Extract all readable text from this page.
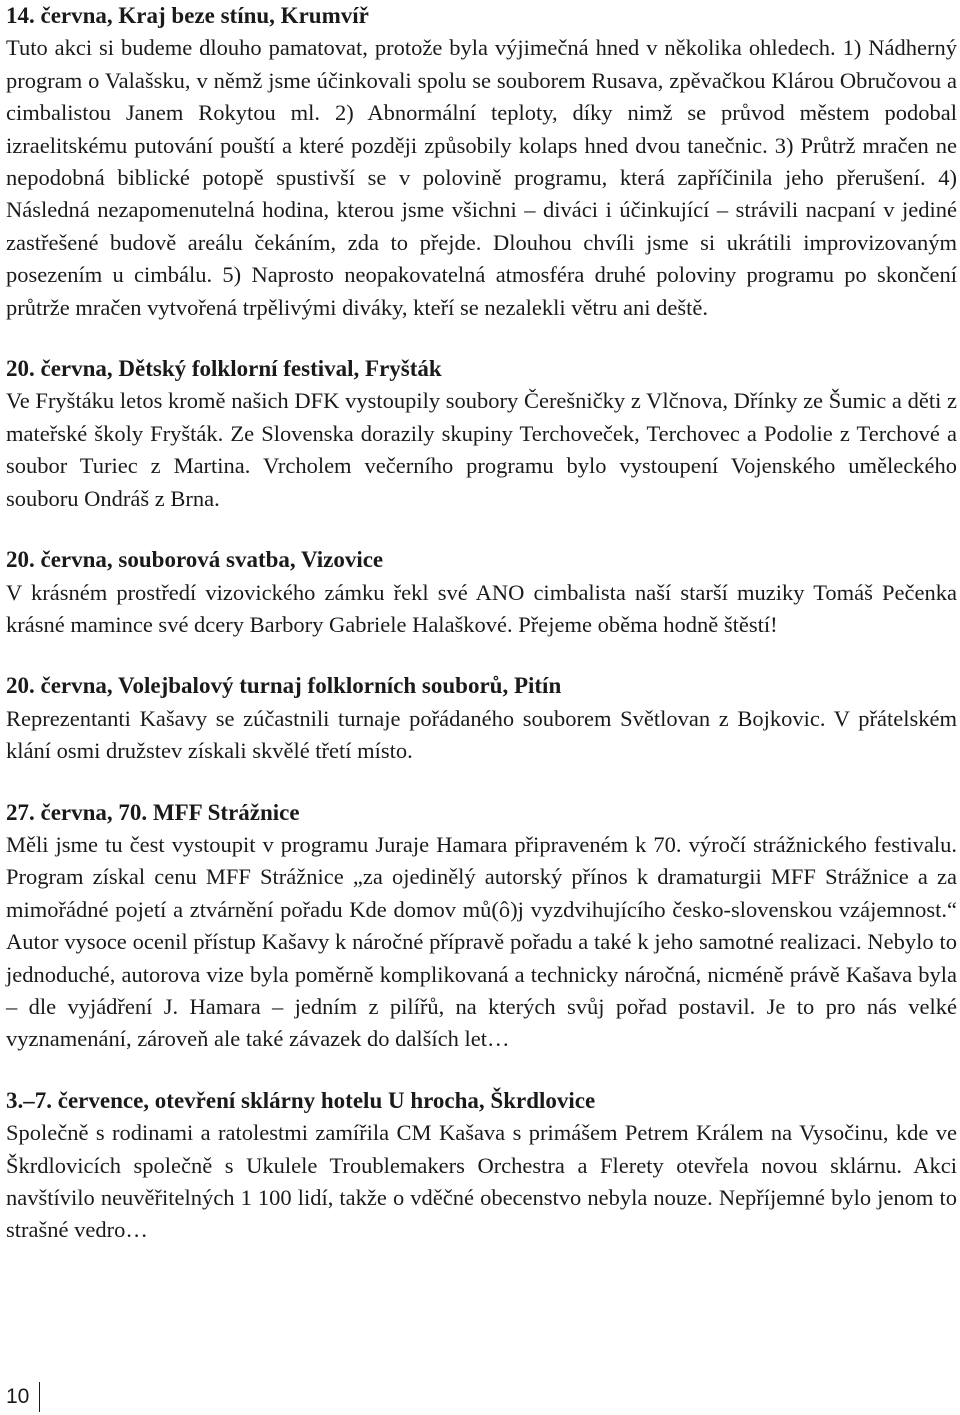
14. června, Kraj beze stínu, Krumvíř

Tuto akci si budeme dlouho pamatovat, protože byla výjimečná hned v několika ohledech. 1) Nádherný program o Valašsku, v němž jsme účinkovali spolu se souborem Rusava, zpěvačkou Klárou Obručovou a cimbalistou Janem Rokytou ml. 2) Abnormální teploty, díky nimž se průvod městem podobal izraelitskému putování pouští a které později způsobily kolaps hned dvou tanečnic. 3) Průtrž mračen ne nepodobná biblické potopě spustivší se v polovině programu, která zapříčinila jeho přerušení. 4) Následná nezapomenutelná hodina, kterou jsme všichni – diváci i účinkující – strávili nacpaní v jediné zastřešené budově areálu čekáním, zda to přejde. Dlouhou chvíli jsme si ukrátili improvizovaným posezením u cimbálu. 5) Naprosto neopakovatelná atmosféra druhé poloviny programu po skončení průtrže mračen vytvořená trpělivými diváky, kteří se nezalekli větru ani deště.

20. června, Dětský folklorní festival, Fryšták

Ve Fryštáku letos kromě našich DFK vystoupily soubory Čerešničky z Vlčnova, Dřínky ze Šumic a děti z mateřské školy Fryšták. Ze Slovenska dorazily skupiny Terchoveček, Terchovec a Podolie z Terchové a soubor Turiec z Martina. Vrcholem večerního programu bylo vystoupení Vojenského uměleckého souboru Ondráš z Brna.

20. června, souborová svatba, Vizovice

V krásném prostředí vizovického zámku řekl své ANO cimbalista naší starší muziky Tomáš Pečenka krásné mamince své dcery Barbory Gabriele Halaškové. Přejeme oběma hodně štěstí!

20. června, Volejbalový turnaj folklorních souborů, Pitín

Reprezentanti Kašavy se zúčastnili turnaje pořádaného souborem Světlovan z Bojkovic. V přátelském klání osmi družstev získali skvělé třetí místo.

27. června, 70. MFF Strážnice

Měli jsme tu čest vystoupit v programu Juraje Hamara připraveném k 70. výročí strážnického festivalu. Program získal cenu MFF Strážnice „za ojedinělý autorský přínos k dramaturgii MFF Strážnice a za mimořádné pojetí a ztvárnění pořadu Kde domov mů(ô)j vyzdvihujícího česko-slovenskou vzájemnost.“ Autor vysoce ocenil přístup Kašavy k náročné přípravě pořadu a také k jeho samotné realizaci. Nebylo to jednoduché, autorova vize byla poměrně komplikovaná a technicky náročná, nicméně právě Kašava byla – dle vyjádření J. Hamara – jedním z pilířů, na kterých svůj pořad postavil. Je to pro nás velké vyznamenání, zároveň ale také závazek do dalších let…

3.–7. července, otevření sklárny hotelu U hrocha, Škrdlovice

Společně s rodinami a ratolestmi zamířila CM Kašava s primášem Petrem Králem na Vysočinu, kde ve Škrdlovicích společně s Ukulele Troublemakers Orchestra a Flerety otevřela novou sklárnu. Akci navštívilo neuvěřitelných 1 100 lidí, takže o vděčné obecenstvo nebyla nouze. Nepříjemné bylo jenom to strašné vedro…

10
